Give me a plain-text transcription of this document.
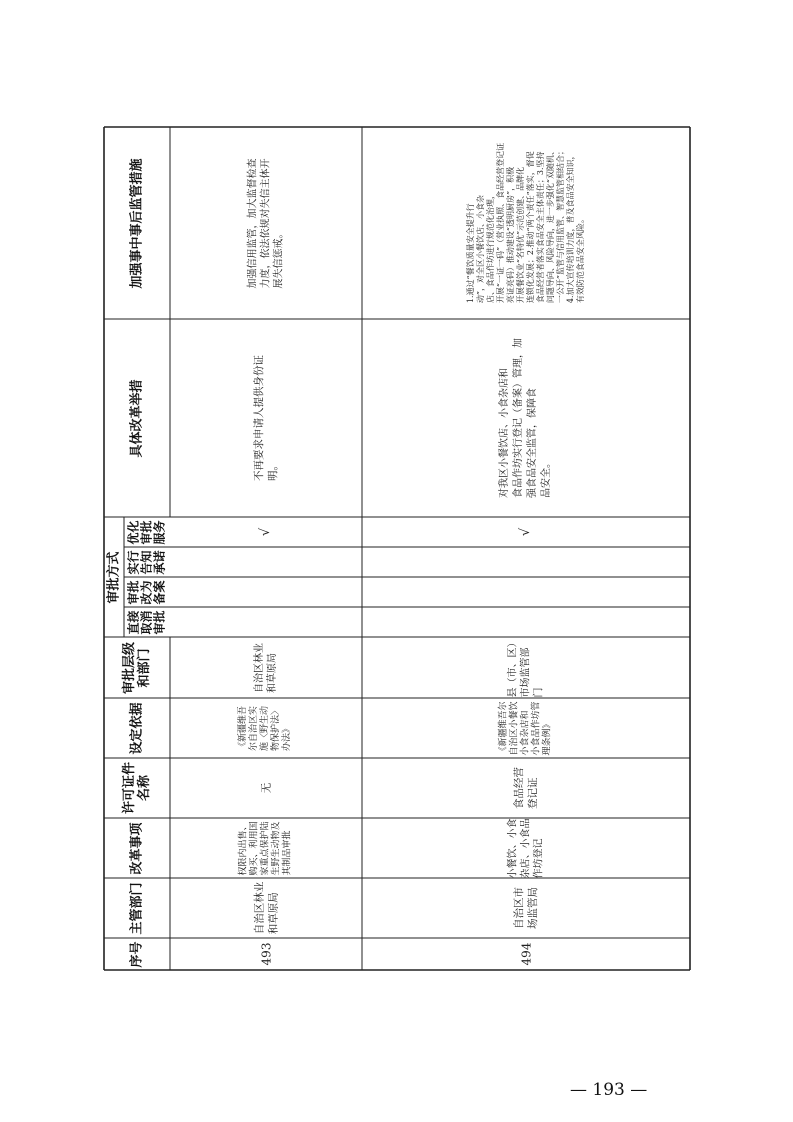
序号
主管部门
改革事项
许可证件 名称
设定依据
审批层级 和部门
审批方式
直接 取消 审批
审批 改为 备案
实行 告知 承诺
优化 审批 服务
具体改革举措
加强事中事后监管措施
493
自治区林业
和草原局
权限内出售、
购买、利用国
家重点保护陆
生野生动物及
其制品审批
无
《新疆维吾
尔自治区实
施〈野生动
物保护法〉
办法》
自治区林业
和草原局
√
不再要求申请人提供身份证
明。
加强信用监管，加大监督检查
力度，依法依规对失信主体开
展失信惩戒。
494
自治区市
场监管局
小餐饮、小食
杂店、小食品
作坊登记
食品经营
登记证
《新疆维吾尔
自治区小餐饮
小食杂店和
小食品作坊管
理条例》
县（市、区）
市场监管部
门
√
对我区小餐饮店、小食杂店和
食品作坊实行登记（备案）管理，加
强食品安全监管，保障食
品安全。
1.通过“餐饮质量安全提升行
动”，对全区小餐饮店、小食杂
店、食品作坊进行规范化治理，
开展“一证一码”（营业执照、食品经营登记证
亮证亮码）推动建设“透明厨房”，积极
开展餐饮业“名特优”示范创建、品牌化
连锁化发展；2.推动“两个责任”落实，督促
食品经营者落实食品安全主体责任；3.坚持
问题导向、风险导向，进一步强化“双随机、
一公开”监管与信用监管、智慧监管相结合；
4.加大宣传培训力度，普及食品安全知识，
有效防范食品安全风险。
— 193 —
